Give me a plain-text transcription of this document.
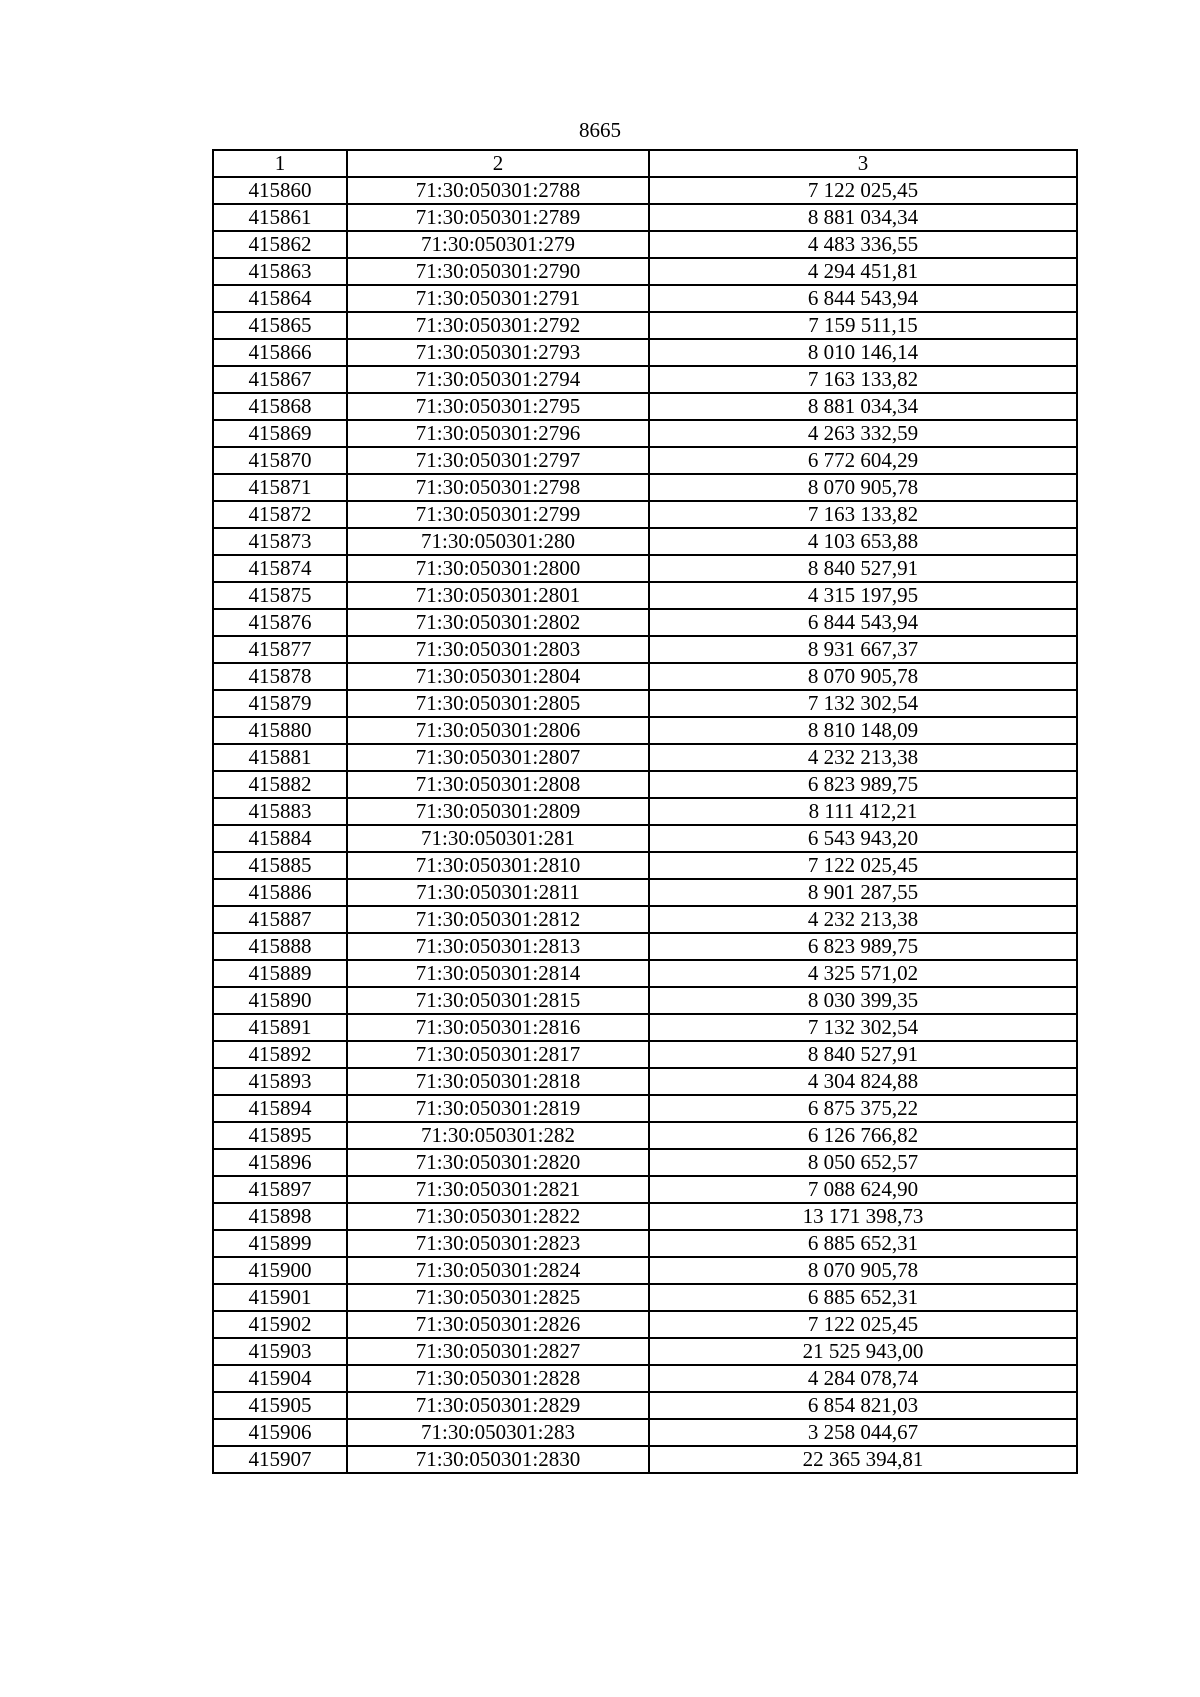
8665
1	2	3
415860	71:30:050301:2788	7 122 025,45
415861	71:30:050301:2789	8 881 034,34
415862	71:30:050301:279	4 483 336,55
415863	71:30:050301:2790	4 294 451,81
415864	71:30:050301:2791	6 844 543,94
415865	71:30:050301:2792	7 159 511,15
415866	71:30:050301:2793	8 010 146,14
415867	71:30:050301:2794	7 163 133,82
415868	71:30:050301:2795	8 881 034,34
415869	71:30:050301:2796	4 263 332,59
415870	71:30:050301:2797	6 772 604,29
415871	71:30:050301:2798	8 070 905,78
415872	71:30:050301:2799	7 163 133,82
415873	71:30:050301:280	4 103 653,88
415874	71:30:050301:2800	8 840 527,91
415875	71:30:050301:2801	4 315 197,95
415876	71:30:050301:2802	6 844 543,94
415877	71:30:050301:2803	8 931 667,37
415878	71:30:050301:2804	8 070 905,78
415879	71:30:050301:2805	7 132 302,54
415880	71:30:050301:2806	8 810 148,09
415881	71:30:050301:2807	4 232 213,38
415882	71:30:050301:2808	6 823 989,75
415883	71:30:050301:2809	8 111 412,21
415884	71:30:050301:281	6 543 943,20
415885	71:30:050301:2810	7 122 025,45
415886	71:30:050301:2811	8 901 287,55
415887	71:30:050301:2812	4 232 213,38
415888	71:30:050301:2813	6 823 989,75
415889	71:30:050301:2814	4 325 571,02
415890	71:30:050301:2815	8 030 399,35
415891	71:30:050301:2816	7 132 302,54
415892	71:30:050301:2817	8 840 527,91
415893	71:30:050301:2818	4 304 824,88
415894	71:30:050301:2819	6 875 375,22
415895	71:30:050301:282	6 126 766,82
415896	71:30:050301:2820	8 050 652,57
415897	71:30:050301:2821	7 088 624,90
415898	71:30:050301:2822	13 171 398,73
415899	71:30:050301:2823	6 885 652,31
415900	71:30:050301:2824	8 070 905,78
415901	71:30:050301:2825	6 885 652,31
415902	71:30:050301:2826	7 122 025,45
415903	71:30:050301:2827	21 525 943,00
415904	71:30:050301:2828	4 284 078,74
415905	71:30:050301:2829	6 854 821,03
415906	71:30:050301:283	3 258 044,67
415907	71:30:050301:2830	22 365 394,81
